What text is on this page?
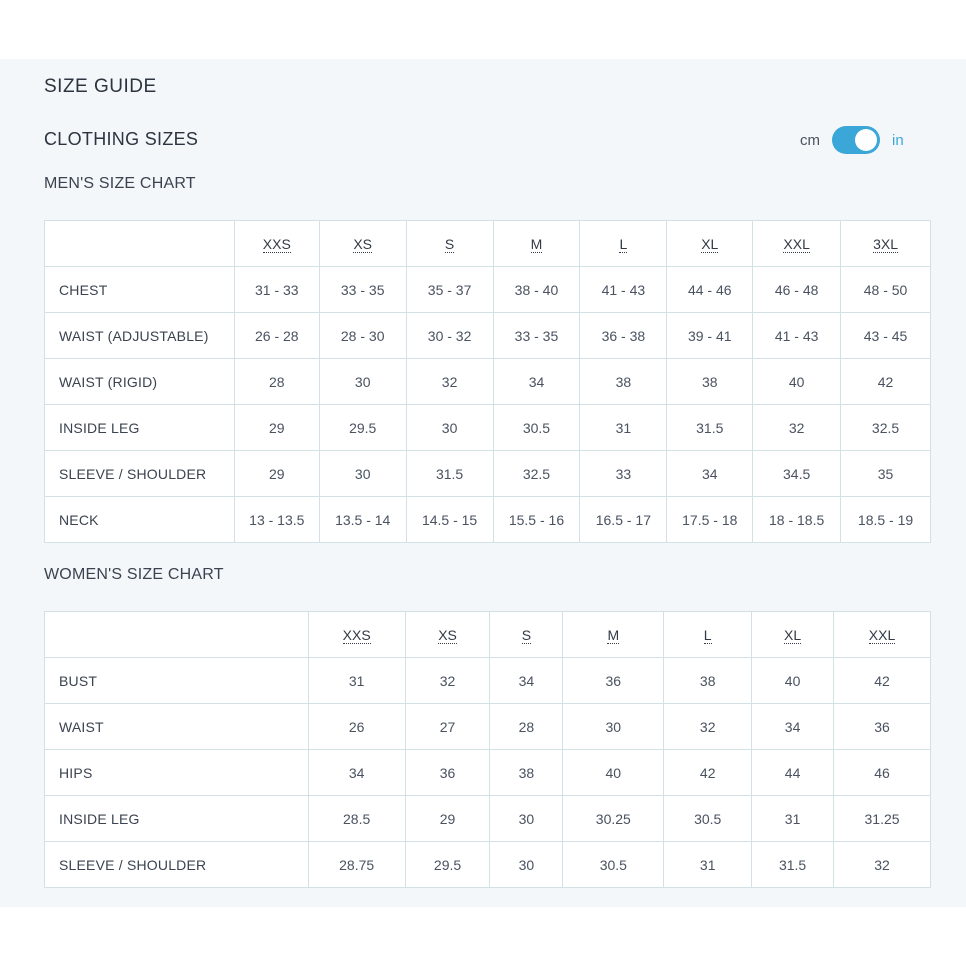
SIZE GUIDE
CLOTHING SIZES	cm	in
MEN'S SIZE CHART
	XXS	XS	S	M	L	XL	XXL	3XL
CHEST	31 - 33	33 - 35	35 - 37	38 - 40	41 - 43	44 - 46	46 - 48	48 - 50
WAIST (ADJUSTABLE)	26 - 28	28 - 30	30 - 32	33 - 35	36 - 38	39 - 41	41 - 43	43 - 45
WAIST (RIGID)	28	30	32	34	38	38	40	42
INSIDE LEG	29	29.5	30	30.5	31	31.5	32	32.5
SLEEVE / SHOULDER	29	30	31.5	32.5	33	34	34.5	35
NECK	13 - 13.5	13.5 - 14	14.5 - 15	15.5 - 16	16.5 - 17	17.5 - 18	18 - 18.5	18.5 - 19
WOMEN'S SIZE CHART
	XXS	XS	S	M	L	XL	XXL
BUST	31	32	34	36	38	40	42
WAIST	26	27	28	30	32	34	36
HIPS	34	36	38	40	42	44	46
INSIDE LEG	28.5	29	30	30.25	30.5	31	31.25
SLEEVE / SHOULDER	28.75	29.5	30	30.5	31	31.5	32
